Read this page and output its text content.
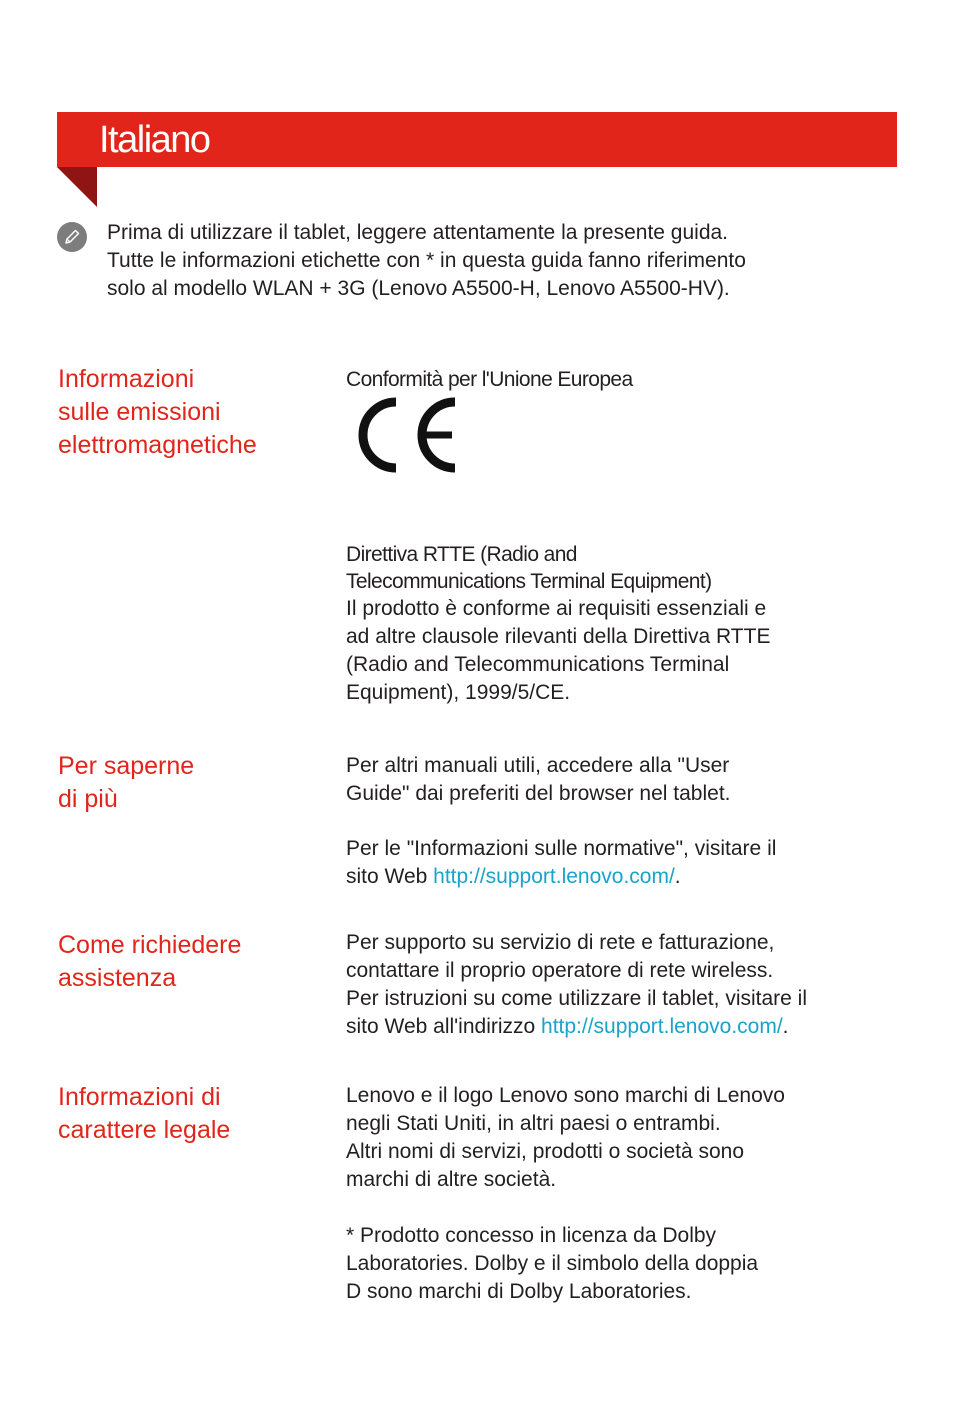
Italiano
Prima di utilizzare il tablet, leggere attentamente la presente guida.
Tutte le informazioni etichette con * in questa guida fanno riferimento
solo al modello WLAN + 3G (Lenovo A5500-H, Lenovo A5500-HV).
Informazioni
sulle emissioni
elettromagnetiche
Conformità per l'Unione Europea
Direttiva RTTE (Radio and
Telecommunications Terminal Equipment)
Il prodotto è conforme ai requisiti essenziali e
ad altre clausole rilevanti della Direttiva RTTE
(Radio and Telecommunications Terminal
Equipment), 1999/5/CE.
Per saperne
di più
Per altri manuali utili, accedere alla "User
Guide" dai preferiti del browser nel tablet.
Per le "Informazioni sulle normative", visitare il
sito Web http://support.lenovo.com/.
Come richiedere
assistenza
Per supporto su servizio di rete e fatturazione,
contattare il proprio operatore di rete wireless.
Per istruzioni su come utilizzare il tablet, visitare il
sito Web all'indirizzo http://support.lenovo.com/.
Informazioni di
carattere legale
Lenovo e il logo Lenovo sono marchi di Lenovo
negli Stati Uniti, in altri paesi o entrambi.
Altri nomi di servizi, prodotti o società sono
marchi di altre società.
* Prodotto concesso in licenza da Dolby
Laboratories. Dolby e il simbolo della doppia
D sono marchi di Dolby Laboratories.
